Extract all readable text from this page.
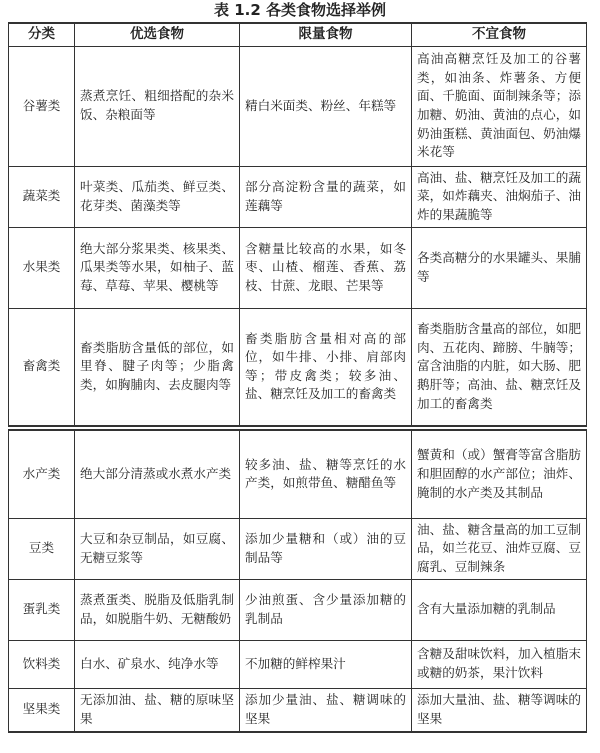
表 1.2 各类食物选择举例
分类	优选食物	限量食物	不宜食物
谷薯类	蒸煮烹饪、粗细搭配的杂米饭、杂粮面等	精白米面类、粉丝、年糕等	高油高糖烹饪及加工的谷薯类，如油条、炸薯条、方便面、千脆面、面制辣条等；添加糖、奶油、黄油的点心，如奶油蛋糕、黄油面包、奶油爆米花等
蔬菜类	叶菜类、瓜茄类、鲜豆类、花芽类、菌藻类等	部分高淀粉含量的蔬菜，如莲藕等	高油、盐、糖烹饪及加工的蔬菜，如炸藕夹、油焖茄子、油炸的果蔬脆等
水果类	绝大部分浆果类、核果类、瓜果类等水果，如柚子、蓝莓、草莓、苹果、樱桃等	含糖量比较高的水果，如冬枣、山楂、榴莲、香蕉、荔枝、甘蔗、龙眼、芒果等	各类高糖分的水果罐头、果脯等
畜禽类	畜类脂肪含量低的部位，如里脊、腱子肉等；少脂禽类，如胸脯肉、去皮腿肉等	畜类脂肪含量相对高的部位，如牛排、小排、肩部肉等；带皮禽类；较多油、盐、糖烹饪及加工的畜禽类	畜类脂肪含量高的部位，如肥肉、五花肉、蹄膀、牛腩等；富含油脂的内脏，如大肠、肥鹅肝等；高油、盐、糖烹饪及加工的畜禽类
水产类	绝大部分清蒸或水煮水产类	较多油、盐、糖等烹饪的水产类，如煎带鱼、糖醋鱼等	蟹黄和（或）蟹膏等富含脂肪和胆固醇的水产部位；油炸、腌制的水产类及其制品
豆类	大豆和杂豆制品，如豆腐、无糖豆浆等	添加少量糖和（或）油的豆制品等	油、盐、糖含量高的加工豆制品，如兰花豆、油炸豆腐、豆腐乳、豆制辣条
蛋乳类	蒸煮蛋类、脱脂及低脂乳制品，如脱脂牛奶、无糖酸奶	少油煎蛋、含少量添加糖的乳制品	含有大量添加糖的乳制品
饮料类	白水、矿泉水、纯净水等	不加糖的鲜榨果汁	含糖及甜味饮料，加入植脂末或糖的奶茶，果汁饮料
坚果类	无添加油、盐、糖的原味坚果	添加少量油、盐、糖调味的坚果	添加大量油、盐、糖等调味的坚果
